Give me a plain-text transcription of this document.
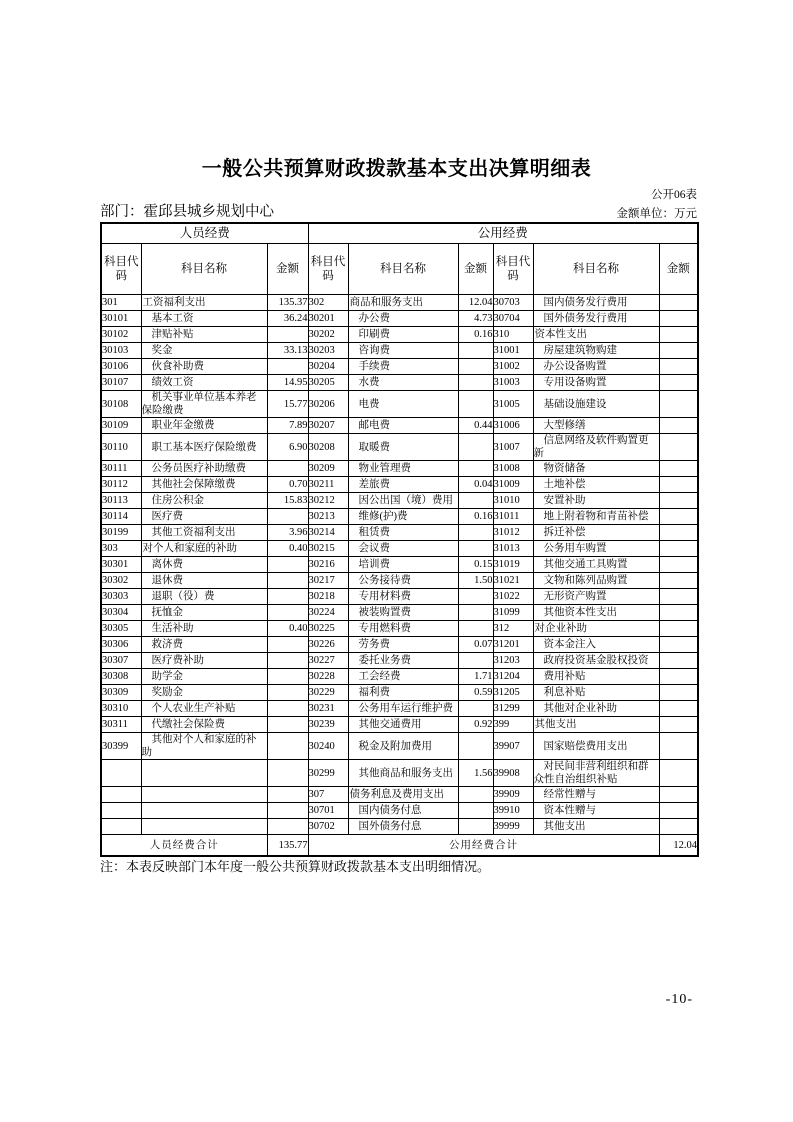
一般公共预算财政拨款基本支出决算明细表
公开06表
部门：霍邱县城乡规划中心	金额单位：万元
人员经费			公用经费					
科目代码	科目名称	金额	科目代码	科目名称	金额	科目代码	科目名称	金额
301	工资福利支出	135.37	302	商品和服务支出	12.04	30703	国内债务发行费用	
30101	基本工资	36.24	30201	办公费	4.73	30704	国外债务发行费用	
30102	津贴补贴		30202	印刷费	0.16	310	资本性支出	
30103	奖金	33.13	30203	咨询费		31001	房屋建筑物购建	
30106	伙食补助费		30204	手续费		31002	办公设备购置	
30107	绩效工资	14.95	30205	水费		31003	专用设备购置	
30108	机关事业单位基本养老保险缴费	15.77	30206	电费		31005	基础设施建设	
30109	职业年金缴费	7.89	30207	邮电费	0.44	31006	大型修缮	
30110	职工基本医疗保险缴费	6.90	30208	取暖费		31007	信息网络及软件购置更新	
30111	公务员医疗补助缴费		30209	物业管理费		31008	物资储备	
30112	其他社会保障缴费	0.70	30211	差旅费	0.04	31009	土地补偿	
30113	住房公积金	15.83	30212	因公出国（境）费用		31010	安置补助	
30114	医疗费		30213	维修(护)费	0.16	31011	地上附着物和青苗补偿	
30199	其他工资福利支出	3.96	30214	租赁费		31012	拆迁补偿	
303	对个人和家庭的补助	0.40	30215	会议费		31013	公务用车购置	
30301	离休费		30216	培训费	0.15	31019	其他交通工具购置	
30302	退休费		30217	公务接待费	1.50	31021	文物和陈列品购置	
30303	退职（役）费		30218	专用材料费		31022	无形资产购置	
30304	抚恤金		30224	被装购置费		31099	其他资本性支出	
30305	生活补助	0.40	30225	专用燃料费		312	对企业补助	
30306	救济费		30226	劳务费	0.07	31201	资本金注入	
30307	医疗费补助		30227	委托业务费		31203	政府投资基金股权投资	
30308	助学金		30228	工会经费	1.71	31204	费用补贴	
30309	奖励金		30229	福利费	0.59	31205	利息补贴	
30310	个人农业生产补贴		30231	公务用车运行维护费		31299	其他对企业补助	
30311	代缴社会保险费		30239	其他交通费用	0.92	399	其他支出	
30399	其他对个人和家庭的补助		30240	税金及附加费用		39907	国家赔偿费用支出	
			30299	其他商品和服务支出	1.56	39908	对民间非营利组织和群众性自治组织补贴	
			307	债务利息及费用支出		39909	经常性赠与	
			30701	国内债务付息		39910	资本性赠与	
			30702	国外债务付息		39999	其他支出	
人员经费合计		135.77	公用经费合计					12.04
注：本表反映部门本年度一般公共预算财政拨款基本支出明细情况。
-10-
